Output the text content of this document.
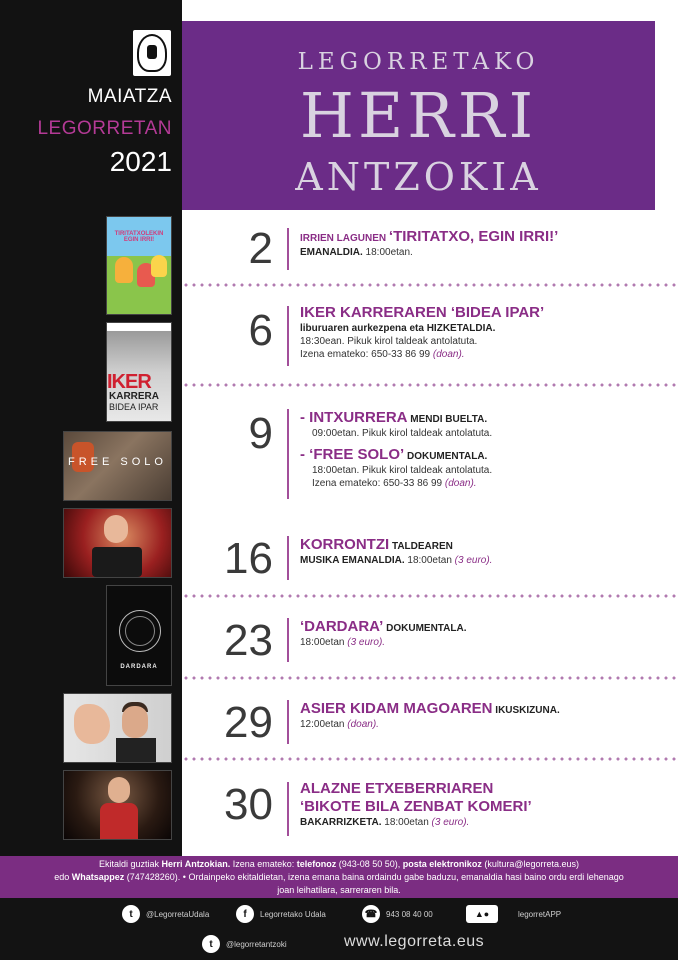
MAIATZA
LEGORRETAN
2021
LEGORRETAKO
HERRI
ANTZOKIA
TIRITATXOLEKIN EGIN IRRI!
IKER
KARRERA
BIDEA IPAR
FREE SOLO
DARDARA
2	IRRIEN LAGUNEN ‘TIRITATXO, EGIN IRRI!’
EMANALDIA. 18:00etan.
6 IKER KARRERAREN ‘BIDEA IPAR’
liburuaren aurkezpena eta HIZKETALDIA.
18:30ean. Pikuk kirol taldeak antolatuta.
Izena emateko: 650-33 86 99 (doan).
9 - INTXURRERA MENDI BUELTA.
09:00etan. Pikuk kirol taldeak antolatuta.
- ‘FREE SOLO’ DOKUMENTALA.
18:00etan. Pikuk kirol taldeak antolatuta.
Izena emateko: 650-33 86 99 (doan).
16 KORRONTZI TALDEAREN
MUSIKA EMANALDIA. 18:00etan (3 euro).
23 ‘DARDARA’ DOKUMENTALA.
18:00etan (3 euro).
29 ASIER KIDAM MAGOAREN IKUSKIZUNA.
12:00etan (doan).
30 ALAZNE ETXEBERRIAREN
‘BIKOTE BILA ZENBAT KOMERI’
BAKARRIZKETA. 18:00etan (3 euro).
Ekitaldi guztiak Herri Antzokian. Izena emateko: telefonoz (943-08 50 50), posta elektronikoz (kultura@legorreta.eus)
edo Whatsappez (747428260). • Ordainpeko ekitaldietan, izena emana baina ordaindu gabe baduzu, emanaldia hasi baino ordu erdi lehenago
joan leihatilara, sarreraren bila.
t	@LegorretaUdala	f	Legorretako Udala	☎	943 08 40 00	▲●	legorretAPP
t	@legorretantzoki	www.legorreta.eus
